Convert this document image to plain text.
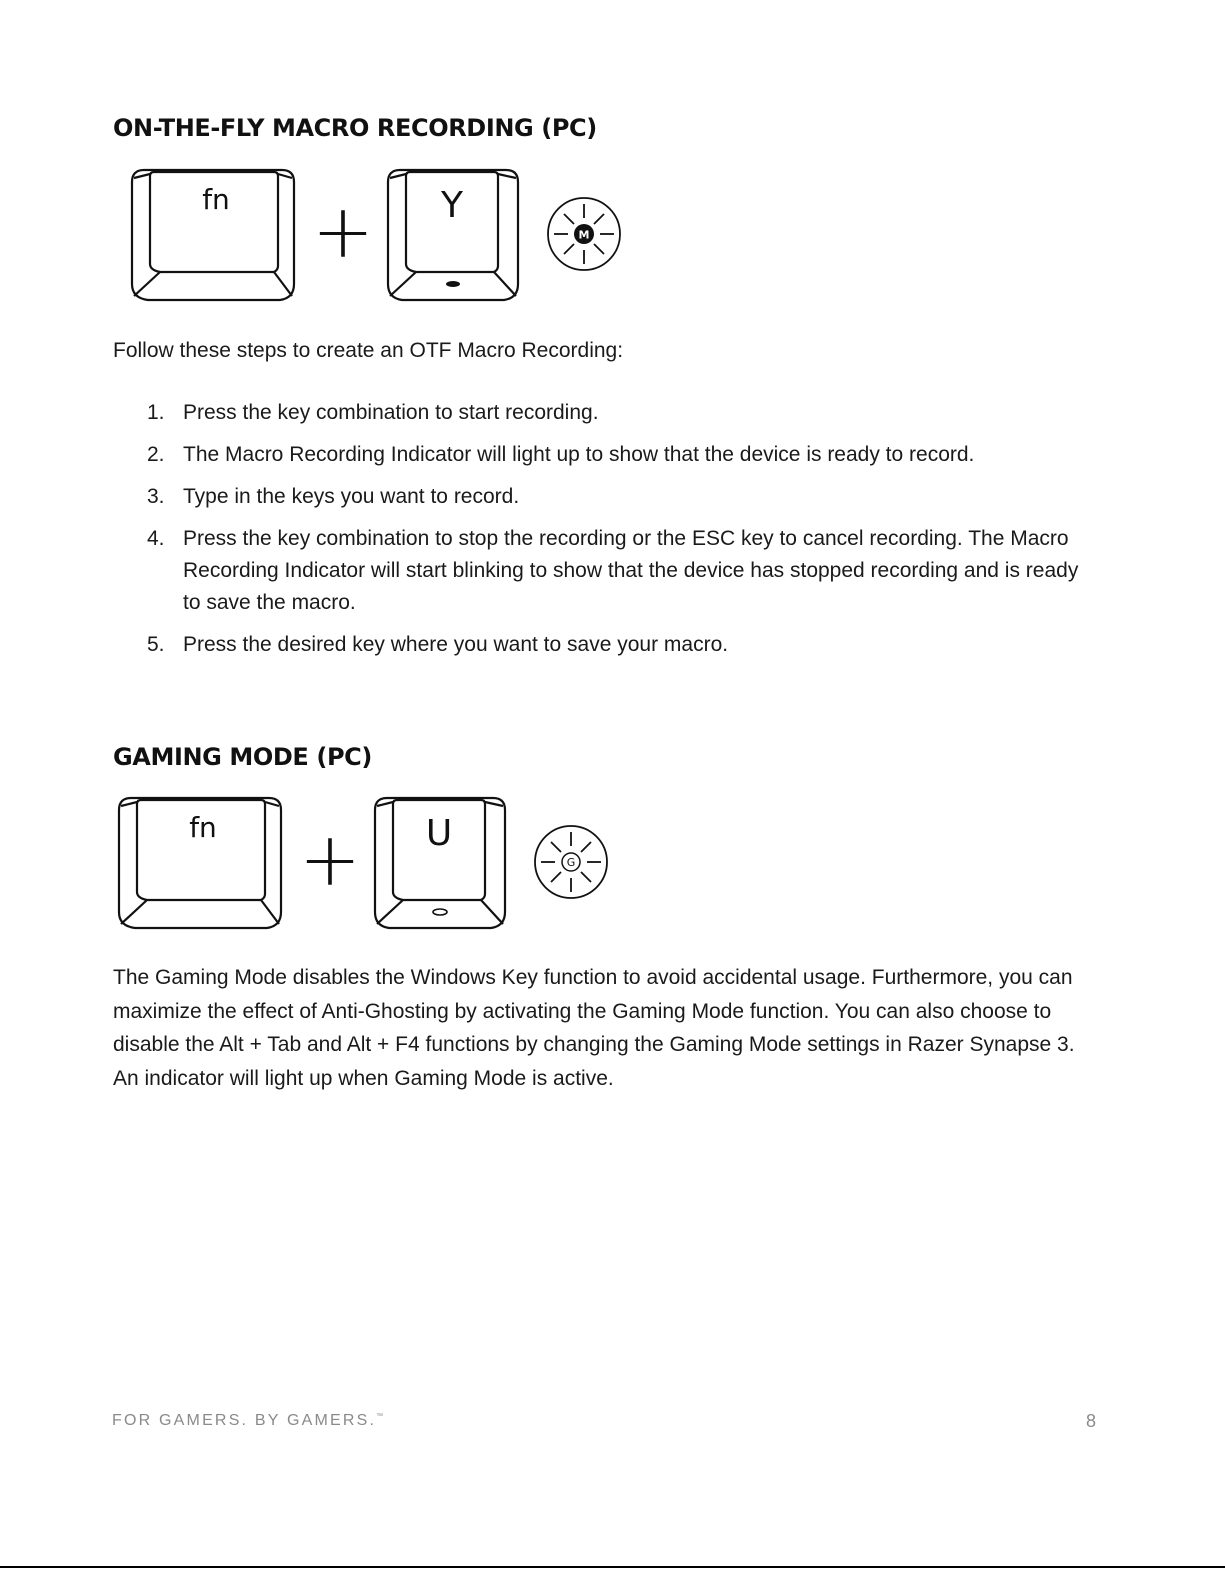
ON-THE-FLY MACRO RECORDING (PC)
fn + Y
M

Follow these steps to create an OTF Macro Recording:

1. Press the key combination to start recording.
2. The Macro Recording Indicator will light up to show that the device is ready to record.
3. Type in the keys you want to record.
4. Press the key combination to stop the recording or the ESC key to cancel recording. The Macro Recording Indicator will start blinking to show that the device has stopped recording and is ready to save the macro.
5. Press the desired key where you want to save your macro.
GAMING MODE (PC)
fn + U
G

The Gaming Mode disables the Windows Key function to avoid accidental usage. Furthermore, you can maximize the effect of Anti-Ghosting by activating the Gaming Mode function. You can also choose to disable the Alt + Tab and Alt + F4 functions by changing the Gaming Mode settings in Razer Synapse 3. An indicator will light up when Gaming Mode is active.

FOR GAMERS. BY GAMERS.™	8
